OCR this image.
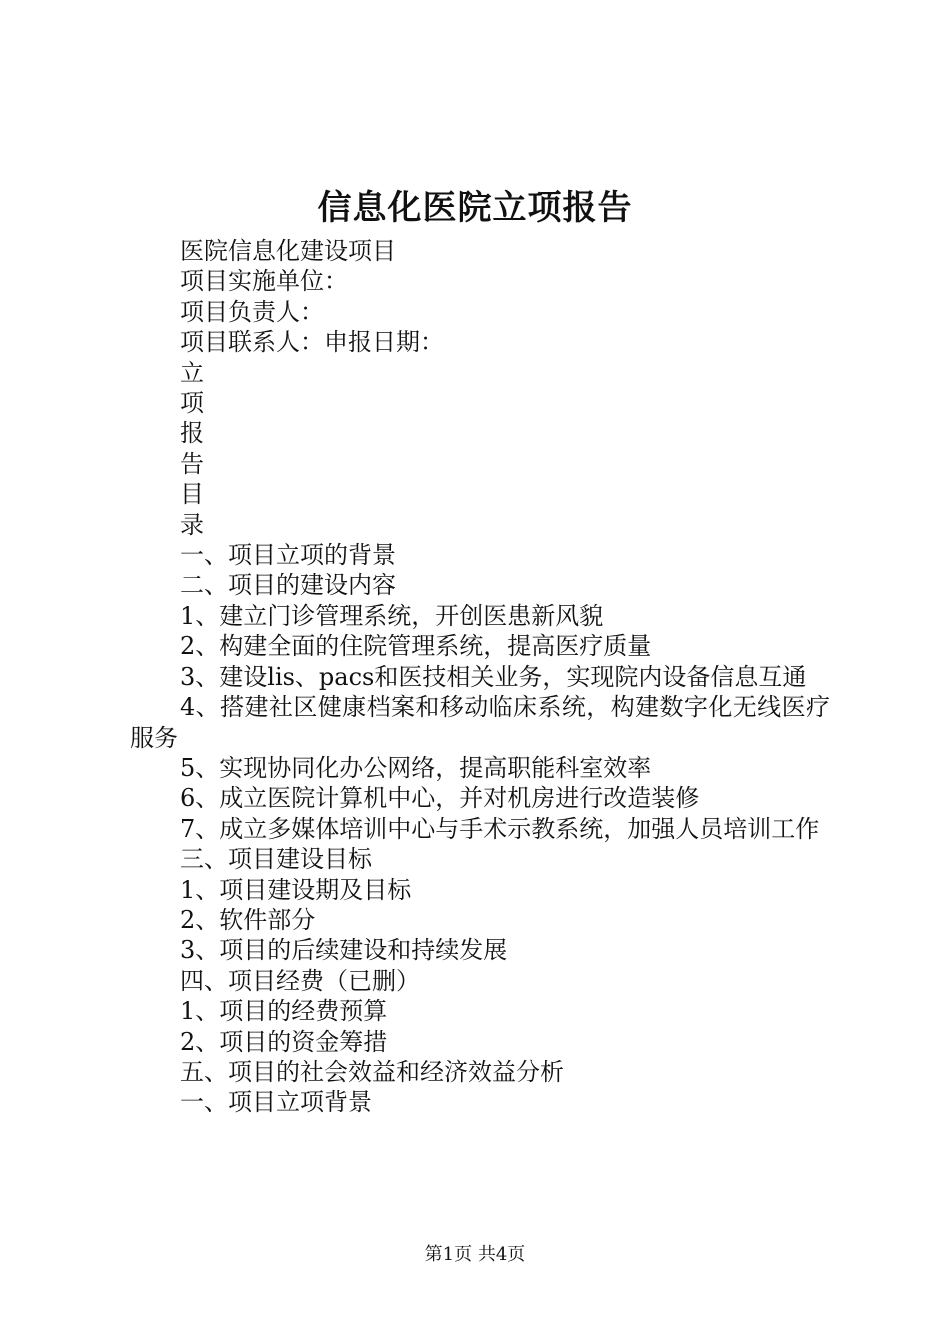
信息化医院立项报告
医院信息化建设项目
项目实施单位：
项目负责人：
项目联系人：申报日期：
立
项
报
告
目
录
一、项目立项的背景
二、项目的建设内容
1、建立门诊管理系统，开创医患新风貌
2、构建全面的住院管理系统，提高医疗质量
3、建设lis、pacs和医技相关业务，实现院内设备信息互通
4、搭建社区健康档案和移动临床系统，构建数字化无线医疗服务
5、实现协同化办公网络，提高职能科室效率
6、成立医院计算机中心，并对机房进行改造装修
7、成立多媒体培训中心与手术示教系统，加强人员培训工作
三、项目建设目标
1、项目建设期及目标
2、软件部分
3、项目的后续建设和持续发展
四、项目经费（已删）
1、项目的经费预算
2、项目的资金筹措
五、项目的社会效益和经济效益分析
一、项目立项背景
第1页 共4页
